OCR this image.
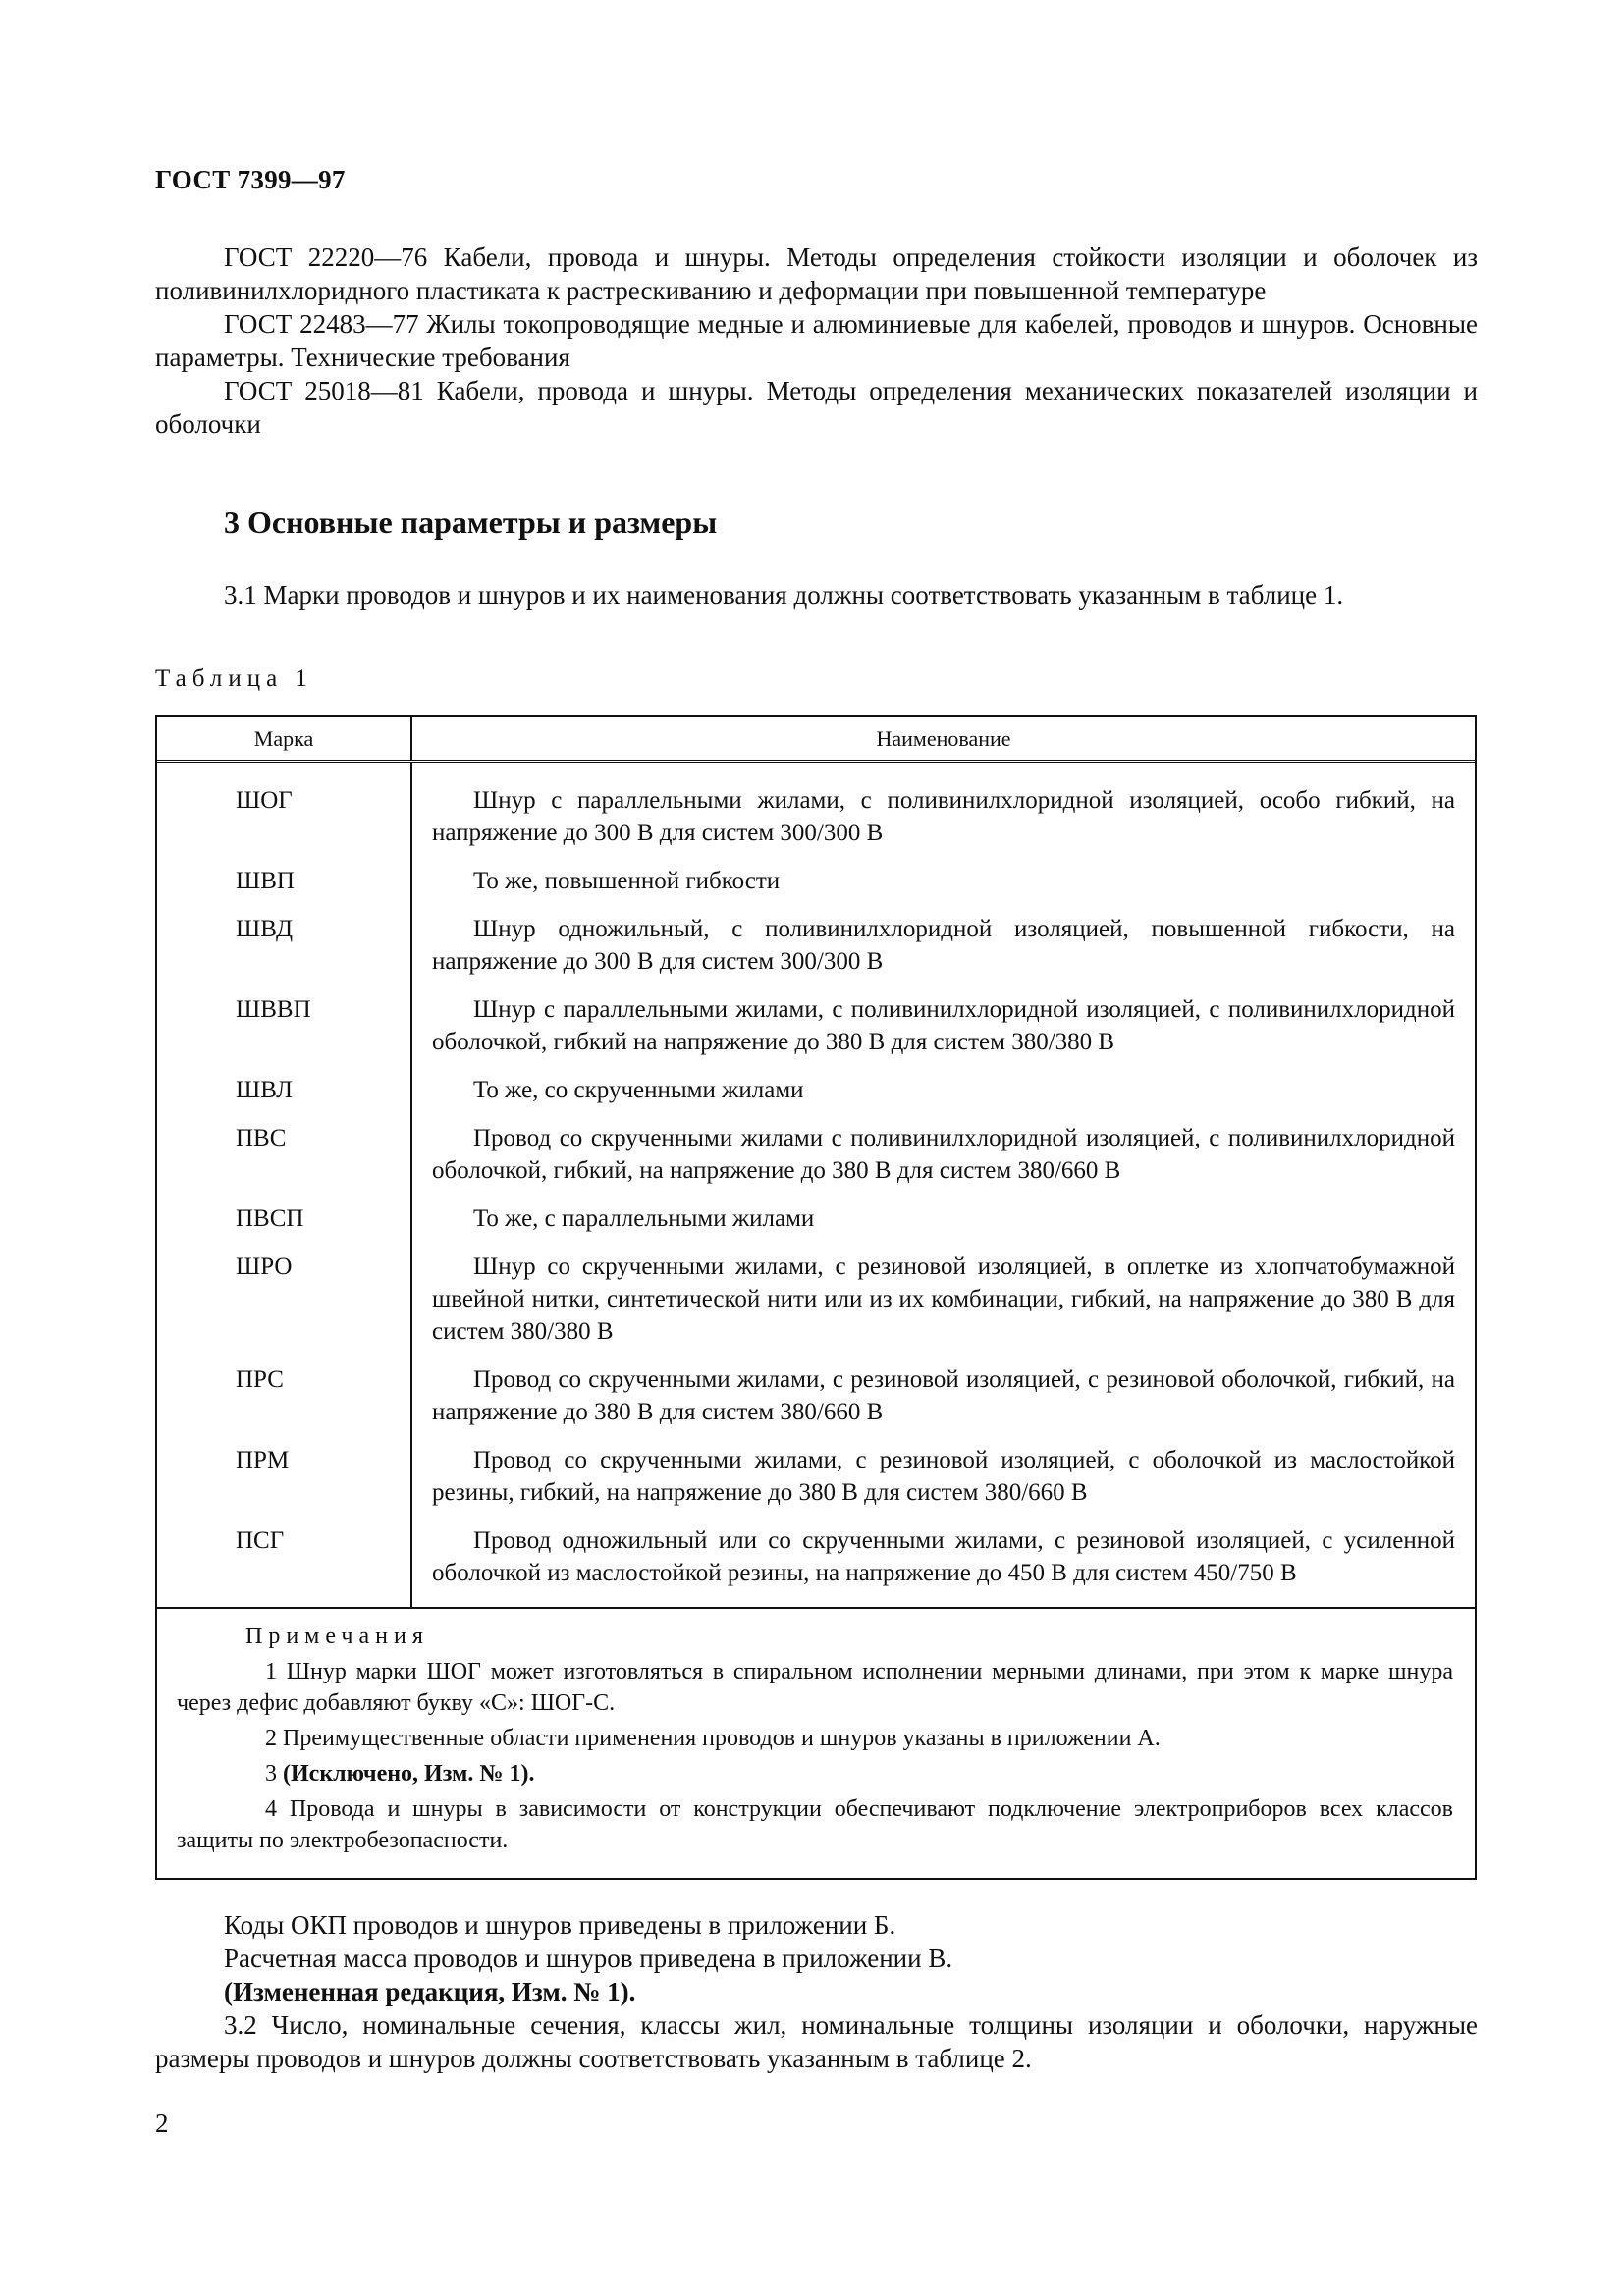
ГОСТ 7399—97

ГОСТ 22220—76 Кабели, провода и шнуры. Методы определения стойкости изоляции и оболочек из поливинилхлоридного пластиката к растрескиванию и деформации при повышенной температуре

ГОСТ 22483—77 Жилы токопроводящие медные и алюминиевые для кабелей, проводов и шнуров. Основные параметры. Технические требования

ГОСТ 25018—81 Кабели, провода и шнуры. Методы определения механических показателей изоляции и оболочки

3 Основные параметры и размеры

3.1 Марки проводов и шнуров и их наименования должны соответствовать указанным в таблице 1.

Таблица 1
Марка	Наименование
ШОГ	Шнур с параллельными жилами, с поливинилхлоридной изоляцией, особо гибкий, на напряжение до 300 В для систем 300/300 В

ШВП	То же, повышенной гибкости

ШВД	Шнур одножильный, с поливинилхлоридной изоляцией, повышенной гибкости, на напряжение до 300 В для систем 300/300 В

ШВВП	Шнур с параллельными жилами, с поливинилхлоридной изоляцией, с поливинилхлоридной оболочкой, гибкий на напряжение до 380 В для систем 380/380 В

ШВЛ	То же, со скрученными жилами

ПВС	Провод со скрученными жилами с поливинилхлоридной изоляцией, с поливинилхлоридной оболочкой, гибкий, на напряжение до 380 В для систем 380/660 В

ПВСП	То же, с параллельными жилами

ШРО	Шнур со скрученными жилами, с резиновой изоляцией, в оплетке из хлопчатобумажной швейной нитки, синтетической нити или из их комбинации, гибкий, на напряжение до 380 В для систем 380/380 В

ПРС	Провод со скрученными жилами, с резиновой изоляцией, с резиновой оболочкой, гибкий, на напряжение до 380 В для систем 380/660 В

ПРМ	Провод со скрученными жилами, с резиновой изоляцией, с оболочкой из маслостойкой резины, гибкий, на напряжение до 380 В для систем 380/660 В

ПСГ	Провод одножильный или со скрученными жилами, с резиновой изоляцией, с усиленной оболочкой из маслостойкой резины, на напряжение до 450 В для систем 450/750 В
Примечания

1 Шнур марки ШОГ может изготовляться в спиральном исполнении мерными длинами, при этом к марке шнура через дефис добавляют букву «С»: ШОГ-С.

2 Преимущественные области применения проводов и шнуров указаны в приложении А.

3 (Исключено, Изм. № 1).

4 Провода и шнуры в зависимости от конструкции обеспечивают подключение электроприборов всех классов защиты по электробезопасности.

Коды ОКП проводов и шнуров приведены в приложении Б.

Расчетная масса проводов и шнуров приведена в приложении В.

(Измененная редакция, Изм. № 1).

3.2 Число, номинальные сечения, классы жил, номинальные толщины изоляции и оболочки, наружные размеры проводов и шнуров должны соответствовать указанным в таблице 2.

2
